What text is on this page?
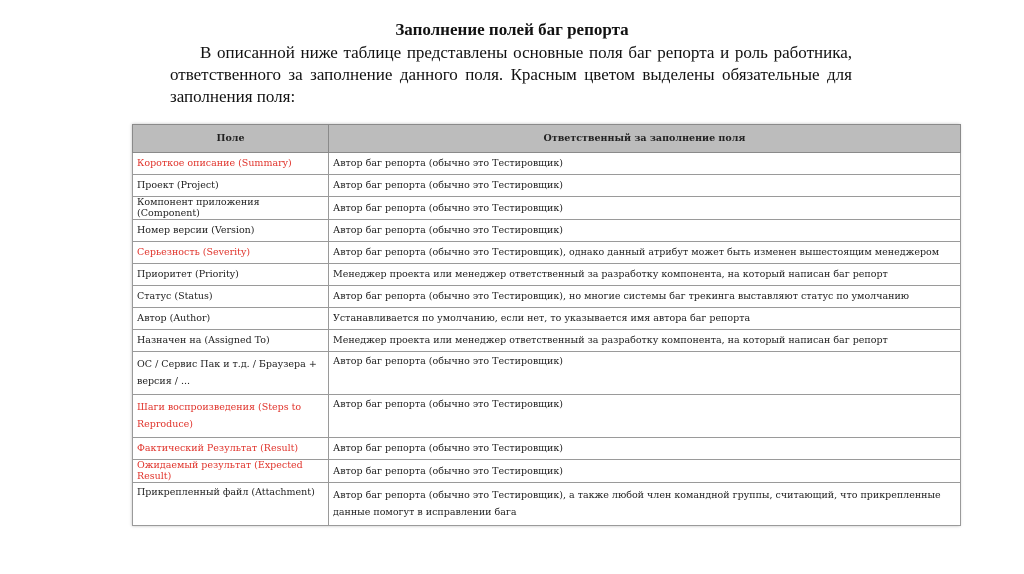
Заполнение полей баг репорта

В описанной ниже таблице представлены основные поля баг репорта и роль работника, ответственного за заполнение данного поля. Красным цветом выделены обязательные для заполнения поля:

Поле	Ответственный за заполнение поля
Короткое описание (Summary)	Автор баг репорта (обычно это Тестировщик)
Проект (Project)	Автор баг репорта (обычно это Тестировщик)
Компонент приложения (Component)	Автор баг репорта (обычно это Тестировщик)
Номер версии (Version)	Автор баг репорта (обычно это Тестировщик)
Серьезность (Severity)	Автор баг репорта (обычно это Тестировщик), однако данный атрибут может быть изменен вышестоящим менеджером
Приоритет (Priority)	Менеджер проекта или менеджер ответственный за разработку компонента, на который написан баг репорт
Статус (Status)	Автор баг репорта (обычно это Тестировщик), но многие системы баг трекинга выставляют статус по умолчанию
Автор (Author)	Устанавливается по умолчанию, если нет, то указывается имя автора баг репорта
Назначен на (Assigned To)	Менеджер проекта или менеджер ответственный за разработку компонента, на который написан баг репорт
ОС / Сервис Пак и т.д. / Браузера + версия / ...	Автор баг репорта (обычно это Тестировщик)
Шаги воспроизведения (Steps to Reproduce)	Автор баг репорта (обычно это Тестировщик)
Фактический Результат (Result)	Автор баг репорта (обычно это Тестировщик)
Ожидаемый результат (Expected Result)	Автор баг репорта (обычно это Тестировщик)
Прикрепленный файл (Attachment)	Автор баг репорта (обычно это Тестировщик), а также любой член командной группы, считающий, что прикрепленные данные помогут в исправлении бага
